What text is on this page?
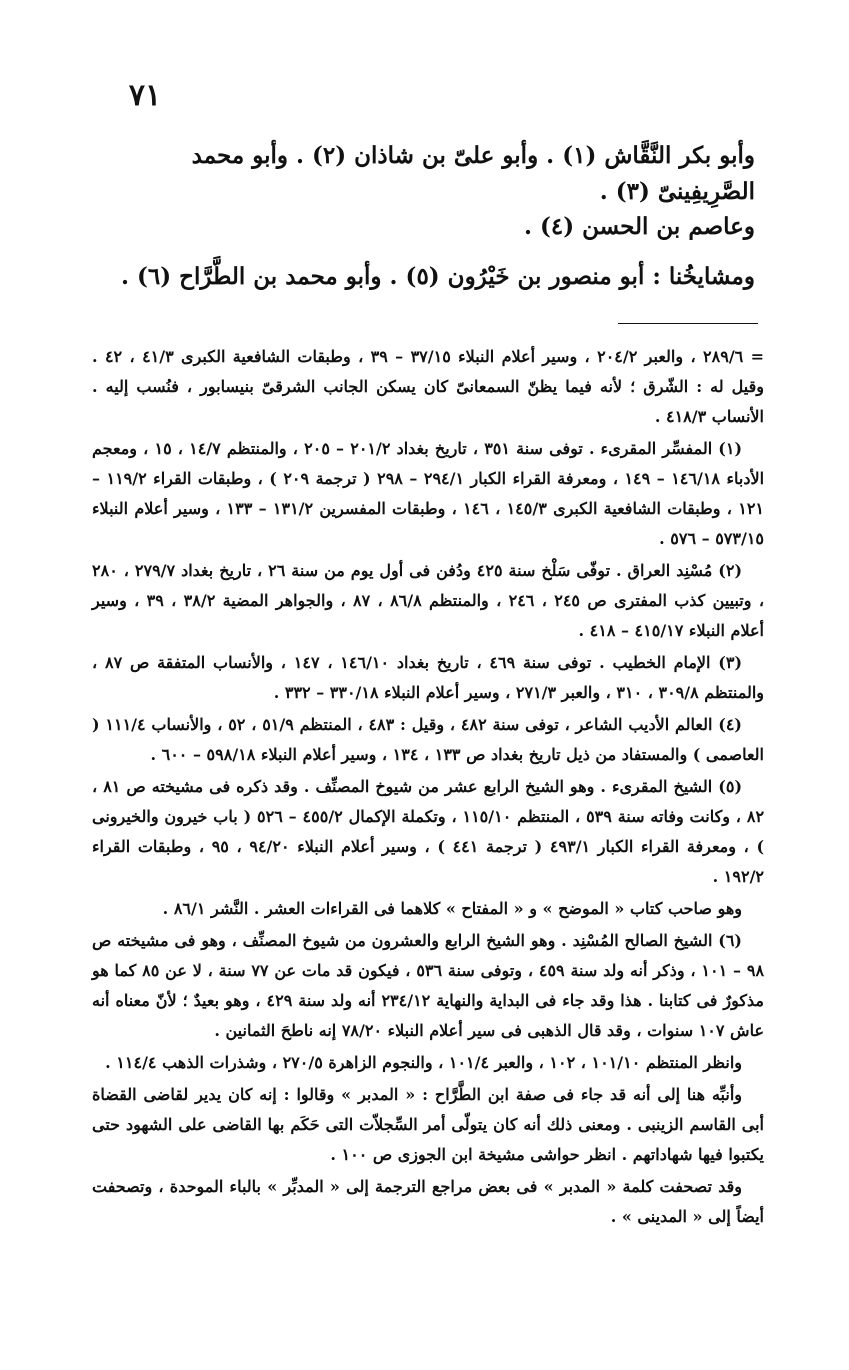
٧١

وأبو بكر النَّقَّاش (١) . وأبو علىّ بن شاذان (٢) . وأبو محمد الصَّرِيفِينىّ (٣) .

وعاصم بن الحسن (٤) .

ومشايخُنا : أبو منصور بن خَيْرُون (٥) . وأبو محمد بن الطَّرَّاح (٦) .

= ٢٨٩/٦ ، والعبر ٢٠٤/٢ ، وسير أعلام النبلاء ٣٧/١٥ – ٣٩ ، وطبقات الشافعية الكبرى ٤١/٣ ، ٤٢ . وقيل له : الشّرق ؛ لأنه فيما يظنّ السمعانىّ كان يسكن الجانب الشرقىّ بنيسابور ، فنُسب إليه . الأنساب ٤١٨/٣ .

(١) المفسِّر المقرىء . توفى سنة ٣٥١ ، تاريخ بغداد ٢٠١/٢ – ٢٠٥ ، والمنتظم ١٤/٧ ، ١٥ ، ومعجم الأدباء ١٤٦/١٨ – ١٤٩ ، ومعرفة القراء الكبار ٢٩٤/١ – ٢٩٨ ( ترجمة ٢٠٩ ) ، وطبقات القراء ١١٩/٢ – ١٢١ ، وطبقات الشافعية الكبرى ١٤٥/٣ ، ١٤٦ ، وطبقات المفسرين ١٣١/٢ – ١٣٣ ، وسير أعلام النبلاء ٥٧٣/١٥ – ٥٧٦ .

(٢) مُسْنِد العراق . توفّى سَلْخ سنة ٤٢٥ ودُفن فى أول يوم من سنة ٢٦ ، تاريخ بغداد ٢٧٩/٧ ، ٢٨٠ ، وتبيين كذب المفترى ص ٢٤٥ ، ٢٤٦ ، والمنتظم ٨٦/٨ ، ٨٧ ، والجواهر المضية ٣٨/٢ ، ٣٩ ، وسير أعلام النبلاء ٤١٥/١٧ – ٤١٨ .

(٣) الإمام الخطيب . توفى سنة ٤٦٩ ، تاريخ بغداد ١٤٦/١٠ ، ١٤٧ ، والأنساب المتفقة ص ٨٧ ، والمنتظم ٣٠٩/٨ ، ٣١٠ ، والعبر ٢٧١/٣ ، وسير أعلام النبلاء ٣٣٠/١٨ – ٣٣٢ .

(٤) العالم الأديب الشاعر ، توفى سنة ٤٨٢ ، وقيل : ٤٨٣ ، المنتظم ٥١/٩ ، ٥٢ ، والأنساب ١١١/٤ ( العاصمى ) والمستفاد من ذيل تاريخ بغداد ص ١٣٣ ، ١٣٤ ، وسير أعلام النبلاء ٥٩٨/١٨ – ٦٠٠ .

(٥) الشيخ المقرىء . وهو الشيخ الرابع عشر من شيوخ المصنِّف . وقد ذكره فى مشيخته ص ٨١ ، ٨٢ ، وكانت وفاته سنة ٥٣٩ ، المنتظم ١١٥/١٠ ، وتكملة الإكمال ٤٥٥/٢ – ٥٢٦ ( باب خيرون والخيرونى ) ، ومعرفة القراء الكبار ٤٩٣/١ ( ترجمة ٤٤١ ) ، وسير أعلام النبلاء ٩٤/٢٠ ، ٩٥ ، وطبقات القراء ١٩٢/٢ .

وهو صاحب كتاب « الموضح » و « المفتاح » كلاهما فى القراءات العشر . النَّشر ٨٦/١ .

(٦) الشيخ الصالح المُسْنِد . وهو الشيخ الرابع والعشرون من شيوخ المصنِّف ، وهو فى مشيخته ص ٩٨ – ١٠١ ، وذكر أنه ولد سنة ٤٥٩ ، وتوفى سنة ٥٣٦ ، فيكون قد مات عن ٧٧ سنة ، لا عن ٨٥ كما هو مذكورٌ فى كتابنا . هذا وقد جاء فى البداية والنهاية ٢٣٤/١٢ أنه ولد سنة ٤٢٩ ، وهو بعيدٌ ؛ لأنّ معناه أنه عاش ١٠٧ سنوات ، وقد قال الذهبى فى سير أعلام النبلاء ٧٨/٢٠ إنه ناطحَ الثمانين .

وانظر المنتظم ١٠١/١٠ ، ١٠٢ ، والعبر ١٠١/٤ ، والنجوم الزاهرة ٢٧٠/٥ ، وشذرات الذهب ١١٤/٤ .

وأنبِّه هنا إلى أنه قد جاء فى صفة ابن الطَّرَّاح : « المدبر » وقالوا : إنه كان يدير لقاضى القضاة أبى القاسم الزينبى . ومعنى ذلك أنه كان يتولّى أمر السِّجلاّت التى حَكَم بها القاضى على الشهود حتى يكتبوا فيها شهاداتهم . انظر حواشى مشيخة ابن الجوزى ص ١٠٠ .

وقد تصحفت كلمة « المدبر » فى بعض مراجع الترجمة إلى « المدبِّر » بالباء الموحدة ، وتصحفت أيضاً إلى « المدينى » .
